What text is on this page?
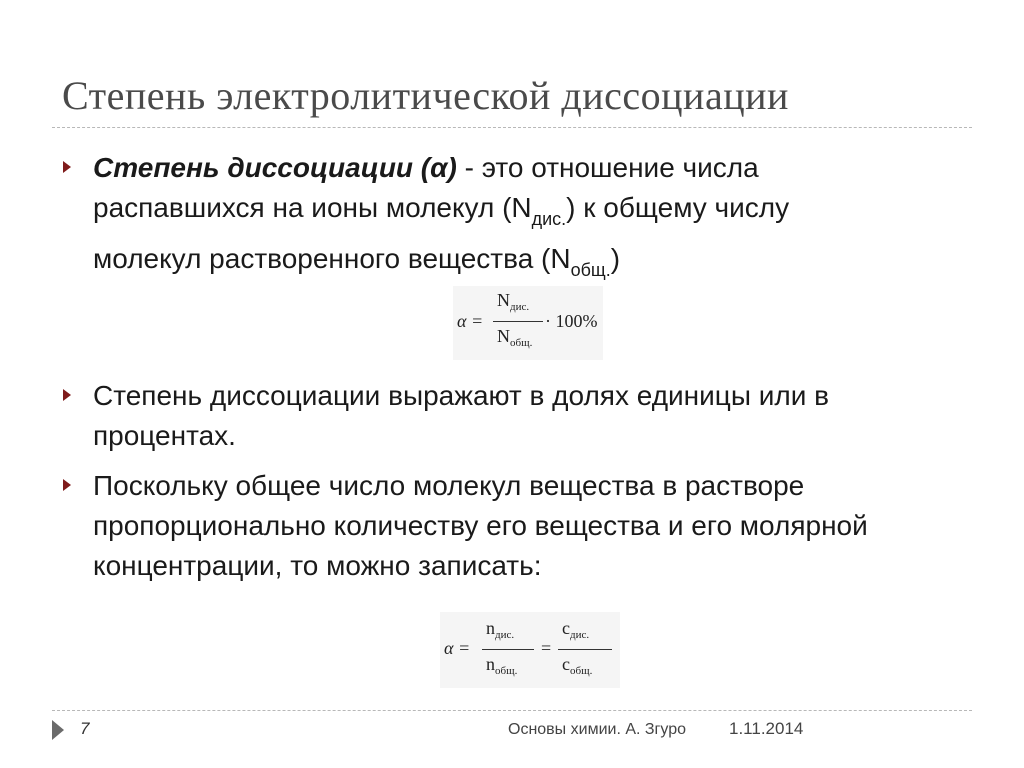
Степень электролитической диссоциации
Степень диссоциации (α) - это отношение числа
распавшихся на ионы молекул $(N_{дис.})$ к общему числу
молекул растворенного вещества $(N_{общ.})$
α =
$N_{дис.}$
$N_{общ.}$
· 100%
Степень диссоциации выражают в долях единицы или в
процентах.
Поскольку общее число молекул вещества в растворе
пропорционально количеству его вещества и его молярной
концентрации, то можно записать:
α =
$n_{дис.}$
$n_{общ.}$
=
$c_{дис.}$
$c_{общ.}$
7	Основы химии. А. Згуро	1.11.2014
